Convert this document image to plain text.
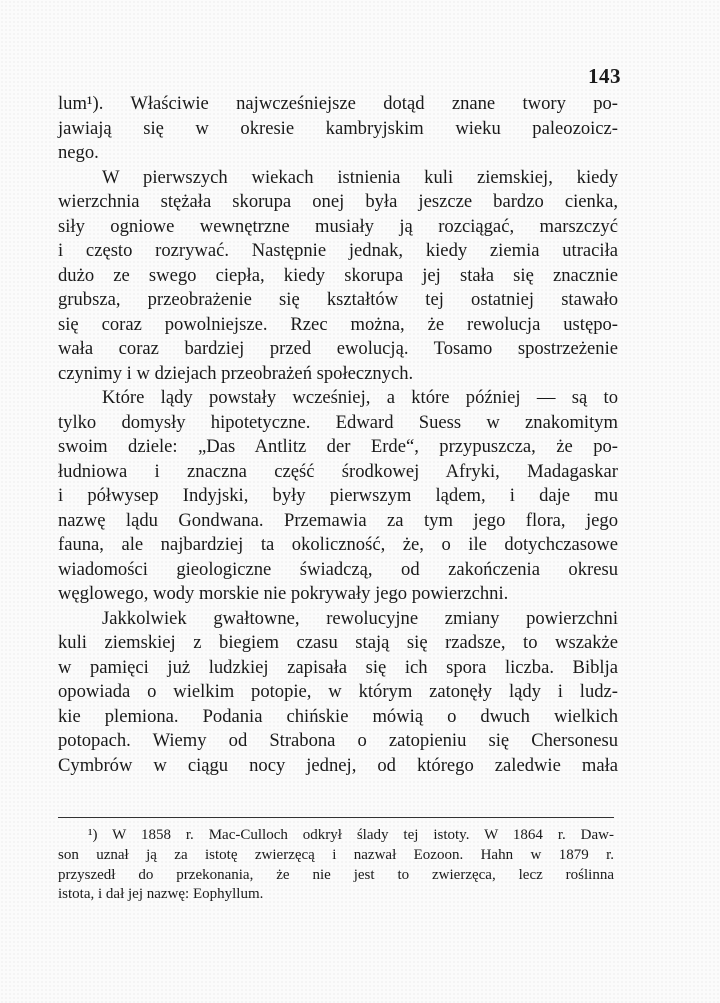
143
lum¹). Właściwie najwcześniejsze dotąd znane twory po-
jawiają się w okresie kambryjskim wieku paleozoicz-
nego.
W pierwszych wiekach istnienia kuli ziemskiej, kiedy
wierzchnia stężała skorupa onej była jeszcze bardzo cienka,
siły ogniowe wewnętrzne musiały ją rozciągać, marszczyć
i często rozrywać. Następnie jednak, kiedy ziemia utraciła
dużo ze swego ciepła, kiedy skorupa jej stała się znacznie
grubsza, przeobrażenie się kształtów tej ostatniej stawało
się coraz powolniejsze. Rzec można, że rewolucja ustępo-
wała coraz bardziej przed ewolucją. Tosamo spostrzeżenie
czynimy i w dziejach przeobrażeń społecznych.
Które lądy powstały wcześniej, a które później — są to
tylko domysły hipotetyczne. Edward Suess w znakomitym
swoim dziele: „Das Antlitz der Erde“, przypuszcza, że po-
łudniowa i znaczna część środkowej Afryki, Madagaskar
i półwysep Indyjski, były pierwszym lądem, i daje mu
nazwę lądu Gondwana. Przemawia za tym jego flora, jego
fauna, ale najbardziej ta okoliczność, że, o ile dotychczasowe
wiadomości gieologiczne świadczą, od zakończenia okresu
węglowego, wody morskie nie pokrywały jego powierzchni.
Jakkolwiek gwałtowne, rewolucyjne zmiany powierzchni
kuli ziemskiej z biegiem czasu stają się rzadsze, to wszakże
w pamięci już ludzkiej zapisała się ich spora liczba. Biblja
opowiada o wielkim potopie, w którym zatonęły lądy i ludz-
kie plemiona. Podania chińskie mówią o dwuch wielkich
potopach. Wiemy od Strabona o zatopieniu się Chersonesu
Cymbrów w ciągu nocy jednej, od którego zaledwie mała
¹) W 1858 r. Mac-Culloch odkrył ślady tej istoty. W 1864 r. Daw-
son uznał ją za istotę zwierzęcą i nazwał Eozoon. Hahn w 1879 r.
przyszedł do przekonania, że nie jest to zwierzęca, lecz roślinna
istota, i dał jej nazwę: Eophyllum.
